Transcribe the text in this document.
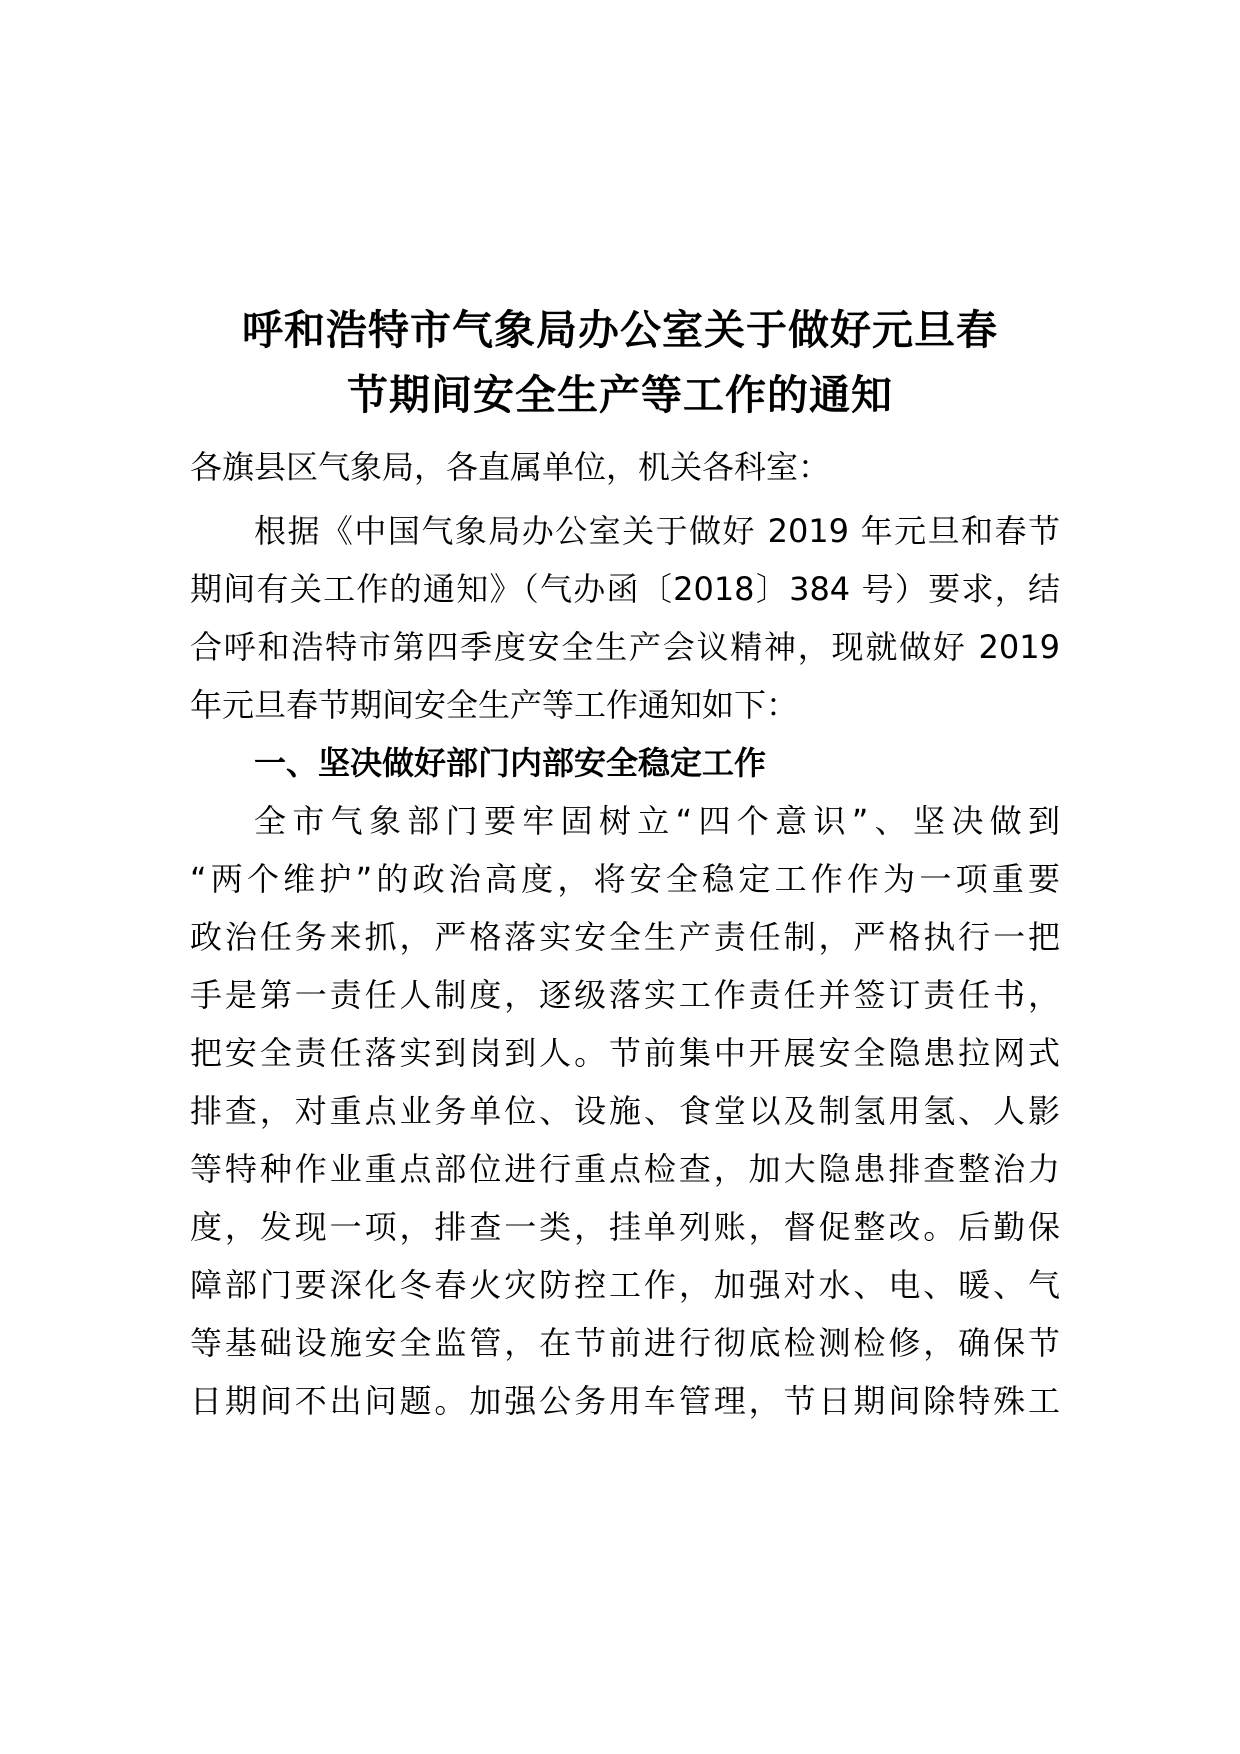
呼和浩特市气象局办公室关于做好元旦春
节期间安全生产等工作的通知
各旗县区气象局，各直属单位，机关各科室：
根据《中国气象局办公室关于做好 2019 年元旦和春节
期间有关工作的通知》（气办函〔2018〕384 号）要求，结
合呼和浩特市第四季度安全生产会议精神，现就做好 2019
年元旦春节期间安全生产等工作通知如下：
一、坚决做好部门内部安全稳定工作
全市气象部门要牢固树立“四个意识”、坚决做到
“两个维护”的政治高度，将安全稳定工作作为一项重要
政治任务来抓，严格落实安全生产责任制，严格执行一把
手是第一责任人制度，逐级落实工作责任并签订责任书，
把安全责任落实到岗到人。节前集中开展安全隐患拉网式
排查，对重点业务单位、设施、食堂以及制氢用氢、人影
等特种作业重点部位进行重点检查，加大隐患排查整治力
度，发现一项，排查一类，挂单列账，督促整改。后勤保
障部门要深化冬春火灾防控工作，加强对水、电、暖、气
等基础设施安全监管，在节前进行彻底检测检修，确保节
日期间不出问题。加强公务用车管理，节日期间除特殊工
